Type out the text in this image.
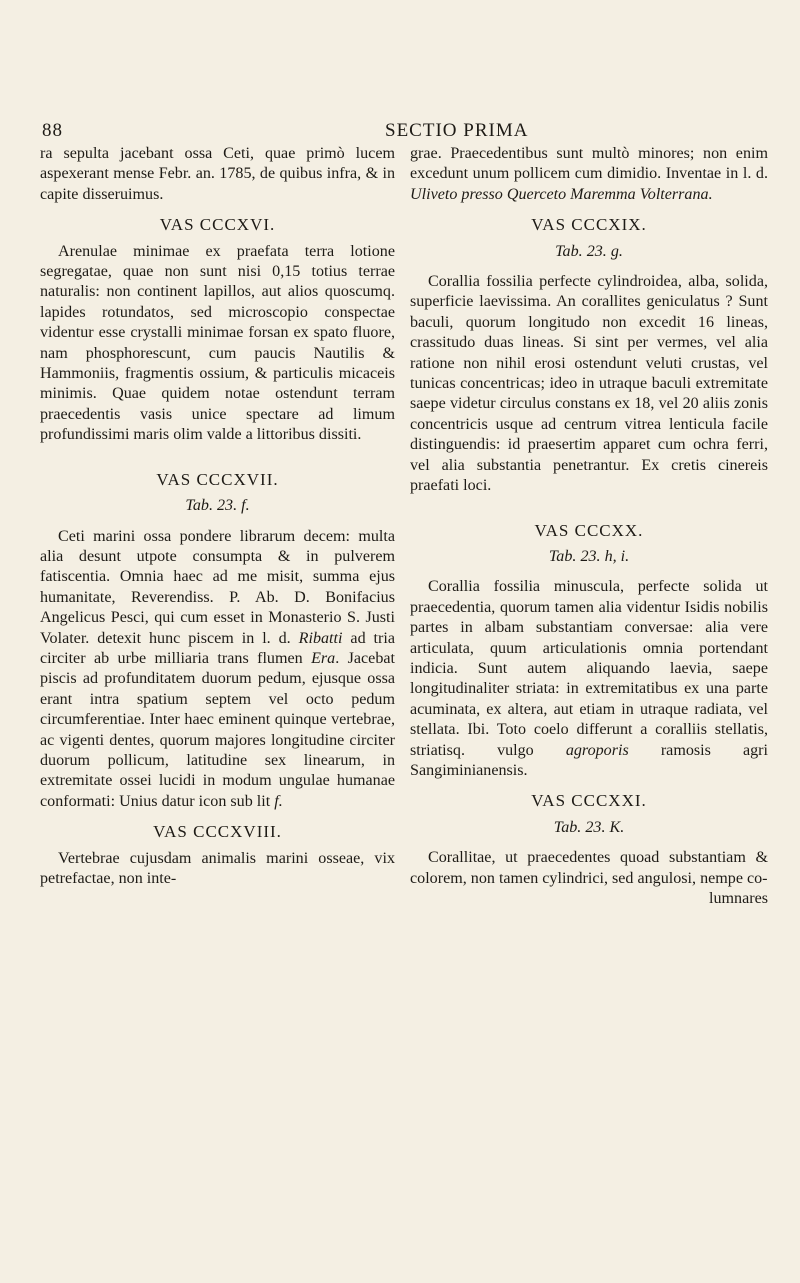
88	SECTIO PRIMA

ra sepulta jacebant ossa Ceti, quae primò lucem aspexerant mense Febr. an. 1785, de quibus infra, & in capite disseruimus.

VAS CCCXVI.

Arenulae minimae ex praefata terra lotione segregatae, quae non sunt nisi 0,15 totius terrae naturalis: non continent lapillos, aut alios quoscumq. lapides rotundatos, sed microscopio conspectae videntur esse crystalli minimae forsan ex spato fluore, nam phosphorescunt, cum paucis Nautilis & Hammoniis, fragmentis ossium, & particulis micaceis minimis. Quae quidem notae ostendunt terram praecedentis vasis unice spectare ad limum profundissimi maris olim valde a littoribus dissiti.

VAS CCCXVII.
Tab. 23. f.

Ceti marini ossa pondere librarum decem: multa alia desunt utpote consumpta & in pulverem fatiscentia. Omnia haec ad me misit, summa ejus humanitate, Reverendiss. P. Ab. D. Bonifacius Angelicus Pesci, qui cum esset in Monasterio S. Justi Volater. detexit hunc piscem in l. d. Ribatti ad tria circiter ab urbe milliaria trans flumen Era. Jacebat piscis ad profunditatem duorum pedum, ejusque ossa erant intra spatium septem vel octo pedum circumferentiae. Inter haec eminent quinque vertebrae, ac vigenti dentes, quorum majores longitudine circiter duorum pollicum, latitudine sex linearum, in extremitate ossei lucidi in modum ungulae humanae conformati: Unius datur icon sub lit f.

VAS CCCXVIII.

Vertebrae cujusdam animalis marini osseae, vix petrefactae, non inte-

grae. Praecedentibus sunt multò minores; non enim excedunt unum pollicem cum dimidio. Inventae in l. d. Uliveto presso Querceto Maremma Volterrana.

VAS CCCXIX.
Tab. 23. g.

Corallia fossilia perfecte cylindroidea, alba, solida, superficie laevissima. An corallites geniculatus ? Sunt baculi, quorum longitudo non excedit 16 lineas, crassitudo duas lineas. Si sint per vermes, vel alia ratione non nihil erosi ostendunt veluti crustas, vel tunicas concentricas; ideo in utraque baculi extremitate saepe videtur circulus constans ex 18, vel 20 aliis zonis concentricis usque ad centrum vitrea lenticula facile distinguendis: id praesertim apparet cum ochra ferri, vel alia substantia penetrantur. Ex cretis cinereis praefati loci.

VAS CCCXX.
Tab. 23. h, i.

Corallia fossilia minuscula, perfecte solida ut praecedentia, quorum tamen alia videntur Isidis nobilis partes in albam substantiam conversae: alia vere articulata, quum articulationis omnia portendant indicia. Sunt autem aliquando laevia, saepe longitudinaliter striata: in extremitatibus ex una parte acuminata, ex altera, aut etiam in utraque radiata, vel stellata. Ibi. Toto coelo differunt a coralliis stellatis, striatisq. vulgo agroporis ramosis agri Sangiminianensis.

VAS CCCXXI.
Tab. 23. K.

Corallitae, ut praecedentes quoad substantiam & colorem, non tamen cylindrici, sed angulosi, nempe co-

lumnares
